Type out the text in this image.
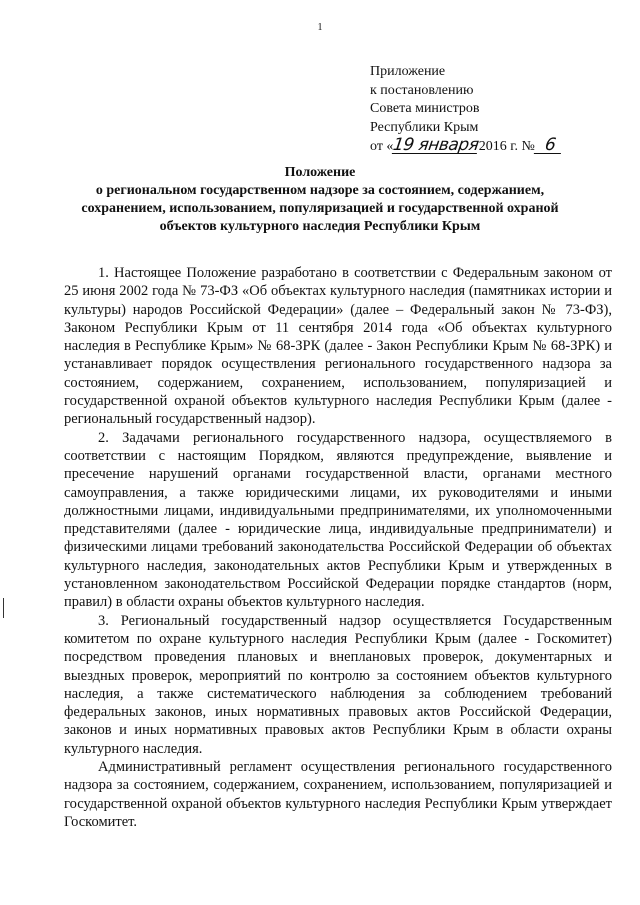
1
Приложение
к постановлению
Совета министров
Республики Крым
от «19 января2016 г. № 6
Положение
о региональном государственном надзоре за состоянием, содержанием, сохранением, использованием, популяризацией и государственной охраной объектов культурного наследия Республики Крым

1. Настоящее Положение разработано в соответствии с Федеральным законом от 25 июня 2002 года № 73-ФЗ «Об объектах культурного наследия (памятниках истории и культуры) народов Российской Федерации» (далее – Федеральный закон № 73-ФЗ), Законом Республики Крым от 11 сентября 2014 года «Об объектах культурного наследия в Республике Крым» № 68-ЗРК (далее - Закон Республики Крым № 68-ЗРК) и устанавливает порядок осуществления регионального государственного надзора за состоянием, содержанием, сохранением, использованием, популяризацией и государственной охраной объектов культурного наследия Республики Крым (далее - региональный государственный надзор).

2. Задачами регионального государственного надзора, осуществляемого в соответствии с настоящим Порядком, являются предупреждение, выявление и пресечение нарушений органами государственной власти, органами местного самоуправления, а также юридическими лицами, их руководителями и иными должностными лицами, индивидуальными предпринимателями, их уполномоченными представителями (далее - юридические лица, индивидуальные предприниматели) и физическими лицами требований законодательства Российской Федерации об объектах культурного наследия, законодательных актов Республики Крым и утвержденных в установленном законодательством Российской Федерации порядке стандартов (норм, правил) в области охраны объектов культурного наследия.

3. Региональный государственный надзор осуществляется Государственным комитетом по охране культурного наследия Республики Крым (далее - Госкомитет) посредством проведения плановых и внеплановых проверок, документарных и выездных проверок, мероприятий по контролю за состоянием объектов культурного наследия, а также систематического наблюдения за соблюдением требований федеральных законов, иных нормативных правовых актов Российской Федерации, законов и иных нормативных правовых актов Республики Крым в области охраны культурного наследия.

Административный регламент осуществления регионального государственного надзора за состоянием, содержанием, сохранением, использованием, популяризацией и государственной охраной объектов культурного наследия Республики Крым утверждает Госкомитет.
